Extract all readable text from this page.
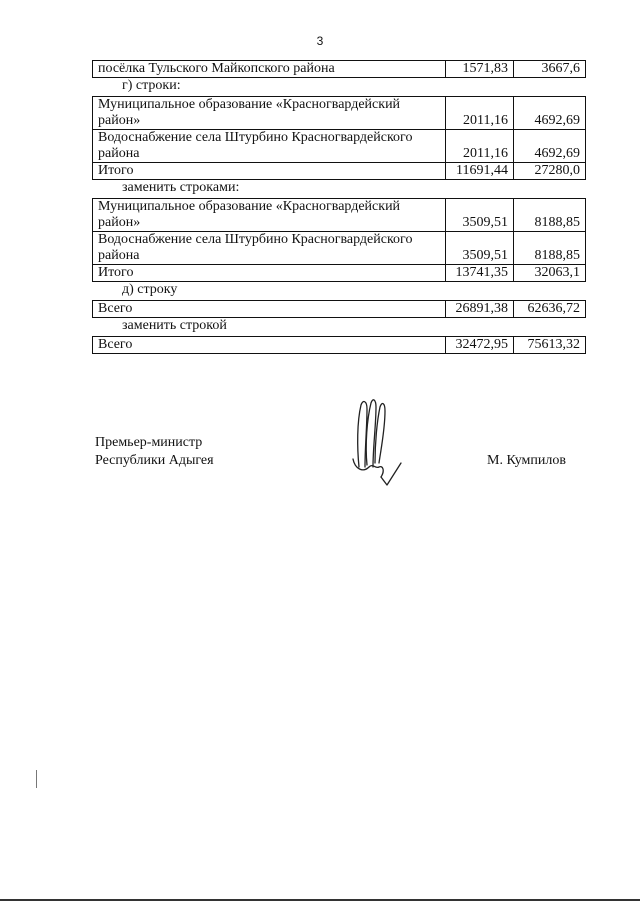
3
посёлка Тульского Майкопского района	1571,83	3667,6
г) строки:
Муниципальное образование «Красногвардейский
район»	2011,16	4692,69
Водоснабжение села Штурбино Красногвардейского
района	2011,16	4692,69
Итого	11691,44	27280,0
заменить строками:
Муниципальное образование «Красногвардейский
район»	3509,51	8188,85
Водоснабжение села Штурбино Красногвардейского
района	3509,51	8188,85
Итого	13741,35	32063,1
д) строку
Всего	26891,38	62636,72
заменить строкой
Всего	32472,95	75613,32
Премьер-министр
Республики Адыгея	М. Кумпилов
